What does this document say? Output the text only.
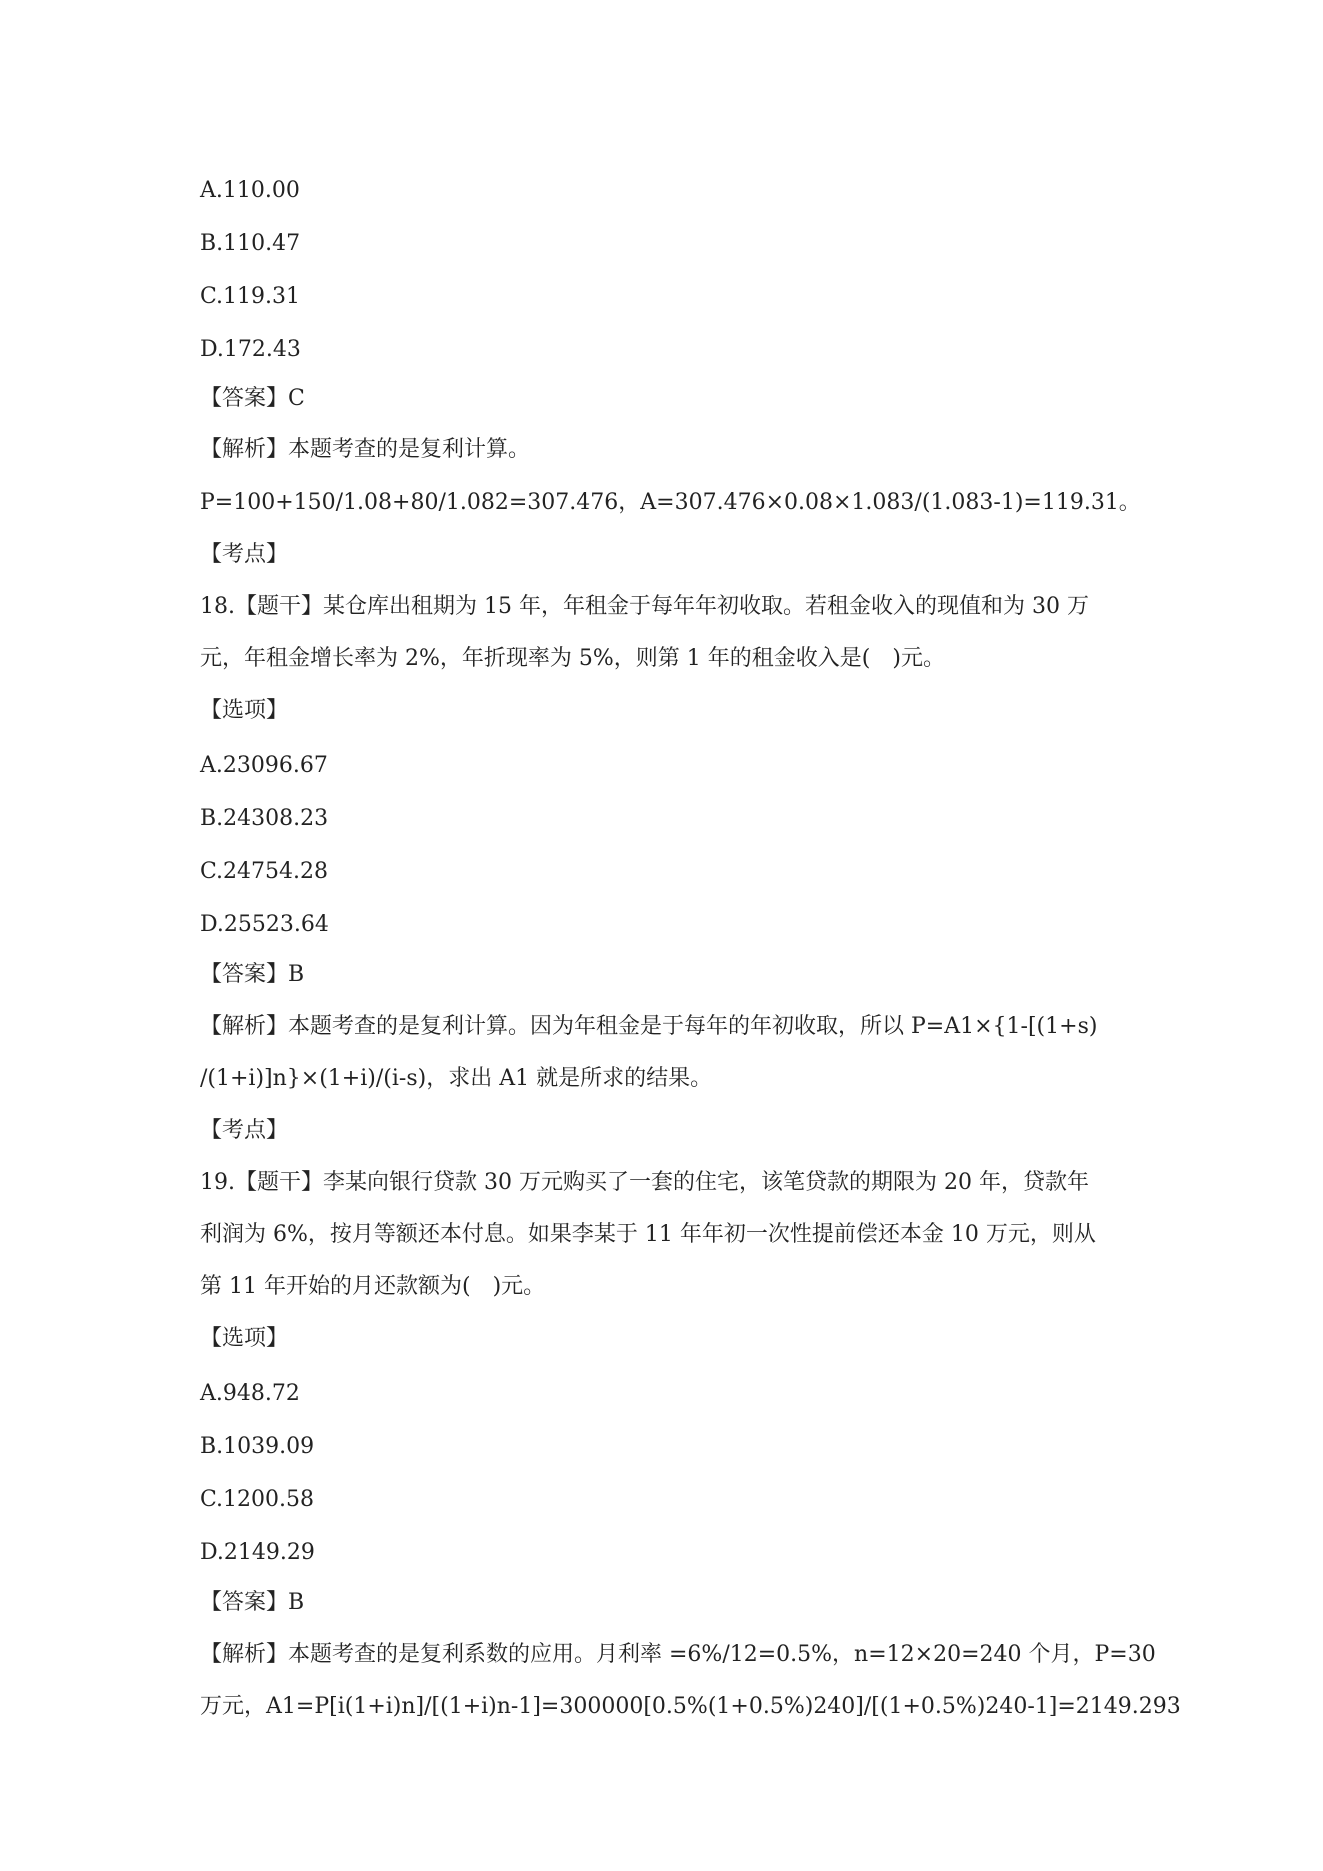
A.110.00
B.110.47
C.119.31
D.172.43
【答案】C
【解析】本题考查的是复利计算。
P=100+150/1.08+80/1.082=307.476，A=307.476×0.08×1.083/(1.083-1)=119.31。
【考点】
18.【题干】某仓库出租期为 15 年，年租金于每年年初收取。若租金收入的现值和为 30 万
元，年租金增长率为 2%，年折现率为 5%，则第 1 年的租金收入是(　)元。
【选项】
A.23096.67
B.24308.23
C.24754.28
D.25523.64
【答案】B
【解析】本题考查的是复利计算。因为年租金是于每年的年初收取，所以 P=A1×{1-[(1+s)
/(1+i)]n}×(1+i)/(i-s)，求出 A1 就是所求的结果。
【考点】
19.【题干】李某向银行贷款 30 万元购买了一套的住宅，该笔贷款的期限为 20 年，贷款年
利润为 6%，按月等额还本付息。如果李某于 11 年年初一次性提前偿还本金 10 万元，则从
第 11 年开始的月还款额为(　)元。
【选项】
A.948.72
B.1039.09
C.1200.58
D.2149.29
【答案】B
【解析】本题考查的是复利系数的应用。月利率 =6%/12=0.5%，n=12×20=240 个月，P=30
万元，A1=P[i(1+i)n]/[(1+i)n-1]=300000[0.5%(1+0.5%)240]/[(1+0.5%)240-1]=2149.293
